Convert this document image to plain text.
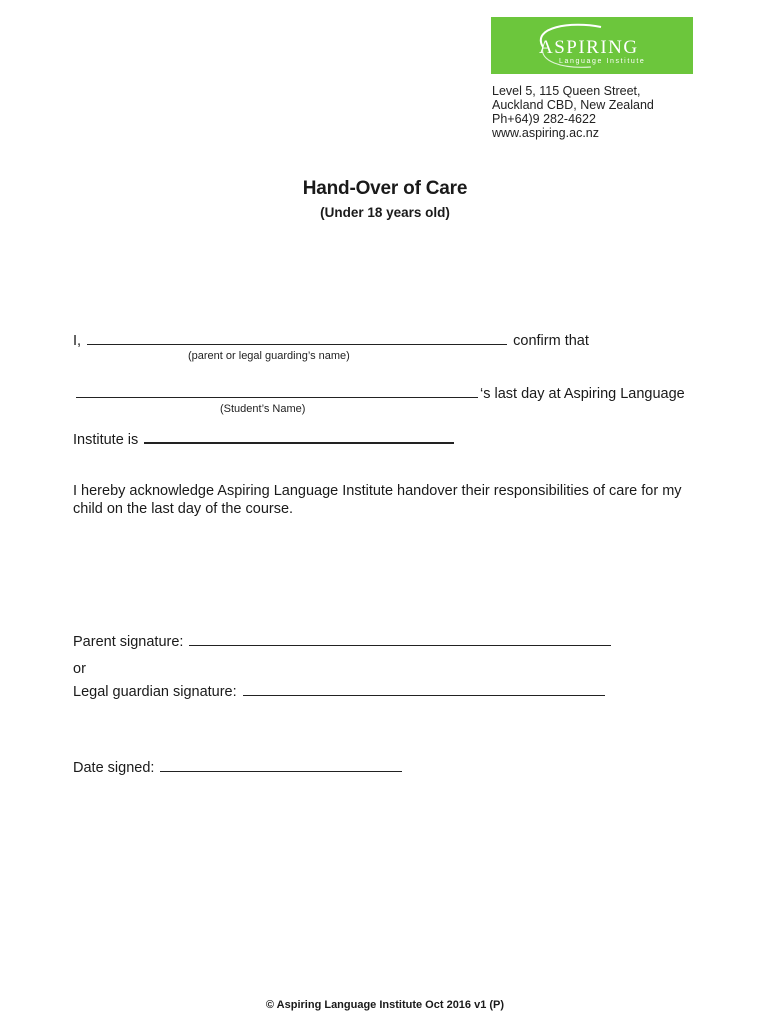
ASPIRING
Language Institute
Level 5, 115 Queen Street,
Auckland CBD, New Zealand
Ph+64)9 282-4622
www.aspiring.ac.nz
Hand-Over of Care
(Under 18 years old)
I,	confirm that
(parent or legal guarding’s name)
‘s last day at Aspiring Language
(Student’s Name)
Institute is
I hereby acknowledge Aspiring Language Institute handover their responsibilities of care for my child on the last day of the course.
Parent signature:
or
Legal guardian signature:
Date signed:
© Aspiring Language Institute Oct 2016 v1 (P)
